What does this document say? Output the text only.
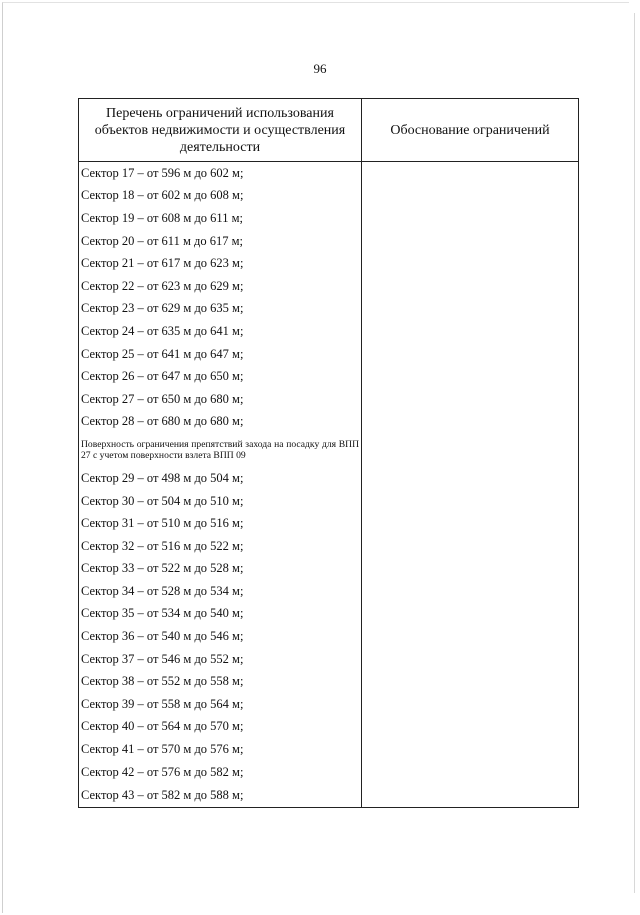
96
Перечень ограничений использования объектов недвижимости и осуществления деятельности	Обоснование ограничений
Сектор 17 – от 596 м до 602 м;	
Сектор 18 – от 602 м до 608 м;	
Сектор 19 – от 608 м до 611 м;	
Сектор 20 – от 611 м до 617 м;	
Сектор 21 – от 617 м до 623 м;	
Сектор 22 – от 623 м до 629 м;	
Сектор 23 – от 629 м до 635 м;	
Сектор 24 – от 635 м до 641 м;	
Сектор 25 – от 641 м до 647 м;	
Сектор 26 – от 647 м до 650 м;	
Сектор 27 – от 650 м до 680 м;	
Сектор 28 – от 680 м до 680 м;	
Поверхность ограничения препятствий захода на посадку для ВПП 27 с учетом поверхности взлета ВПП 09	
Сектор 29 – от 498 м до 504 м;	
Сектор 30 – от 504 м до 510 м;	
Сектор 31 – от 510 м до 516 м;	
Сектор 32 – от 516 м до 522 м;	
Сектор 33 – от 522 м до 528 м;	
Сектор 34 – от 528 м до 534 м;	
Сектор 35 – от 534 м до 540 м;	
Сектор 36 – от 540 м до 546 м;	
Сектор 37 – от 546 м до 552 м;	
Сектор 38 – от 552 м до 558 м;	
Сектор 39 – от 558 м до 564 м;	
Сектор 40 – от 564 м до 570 м;	
Сектор 41 – от 570 м до 576 м;	
Сектор 42 – от 576 м до 582 м;	
Сектор 43 – от 582 м до 588 м;	
